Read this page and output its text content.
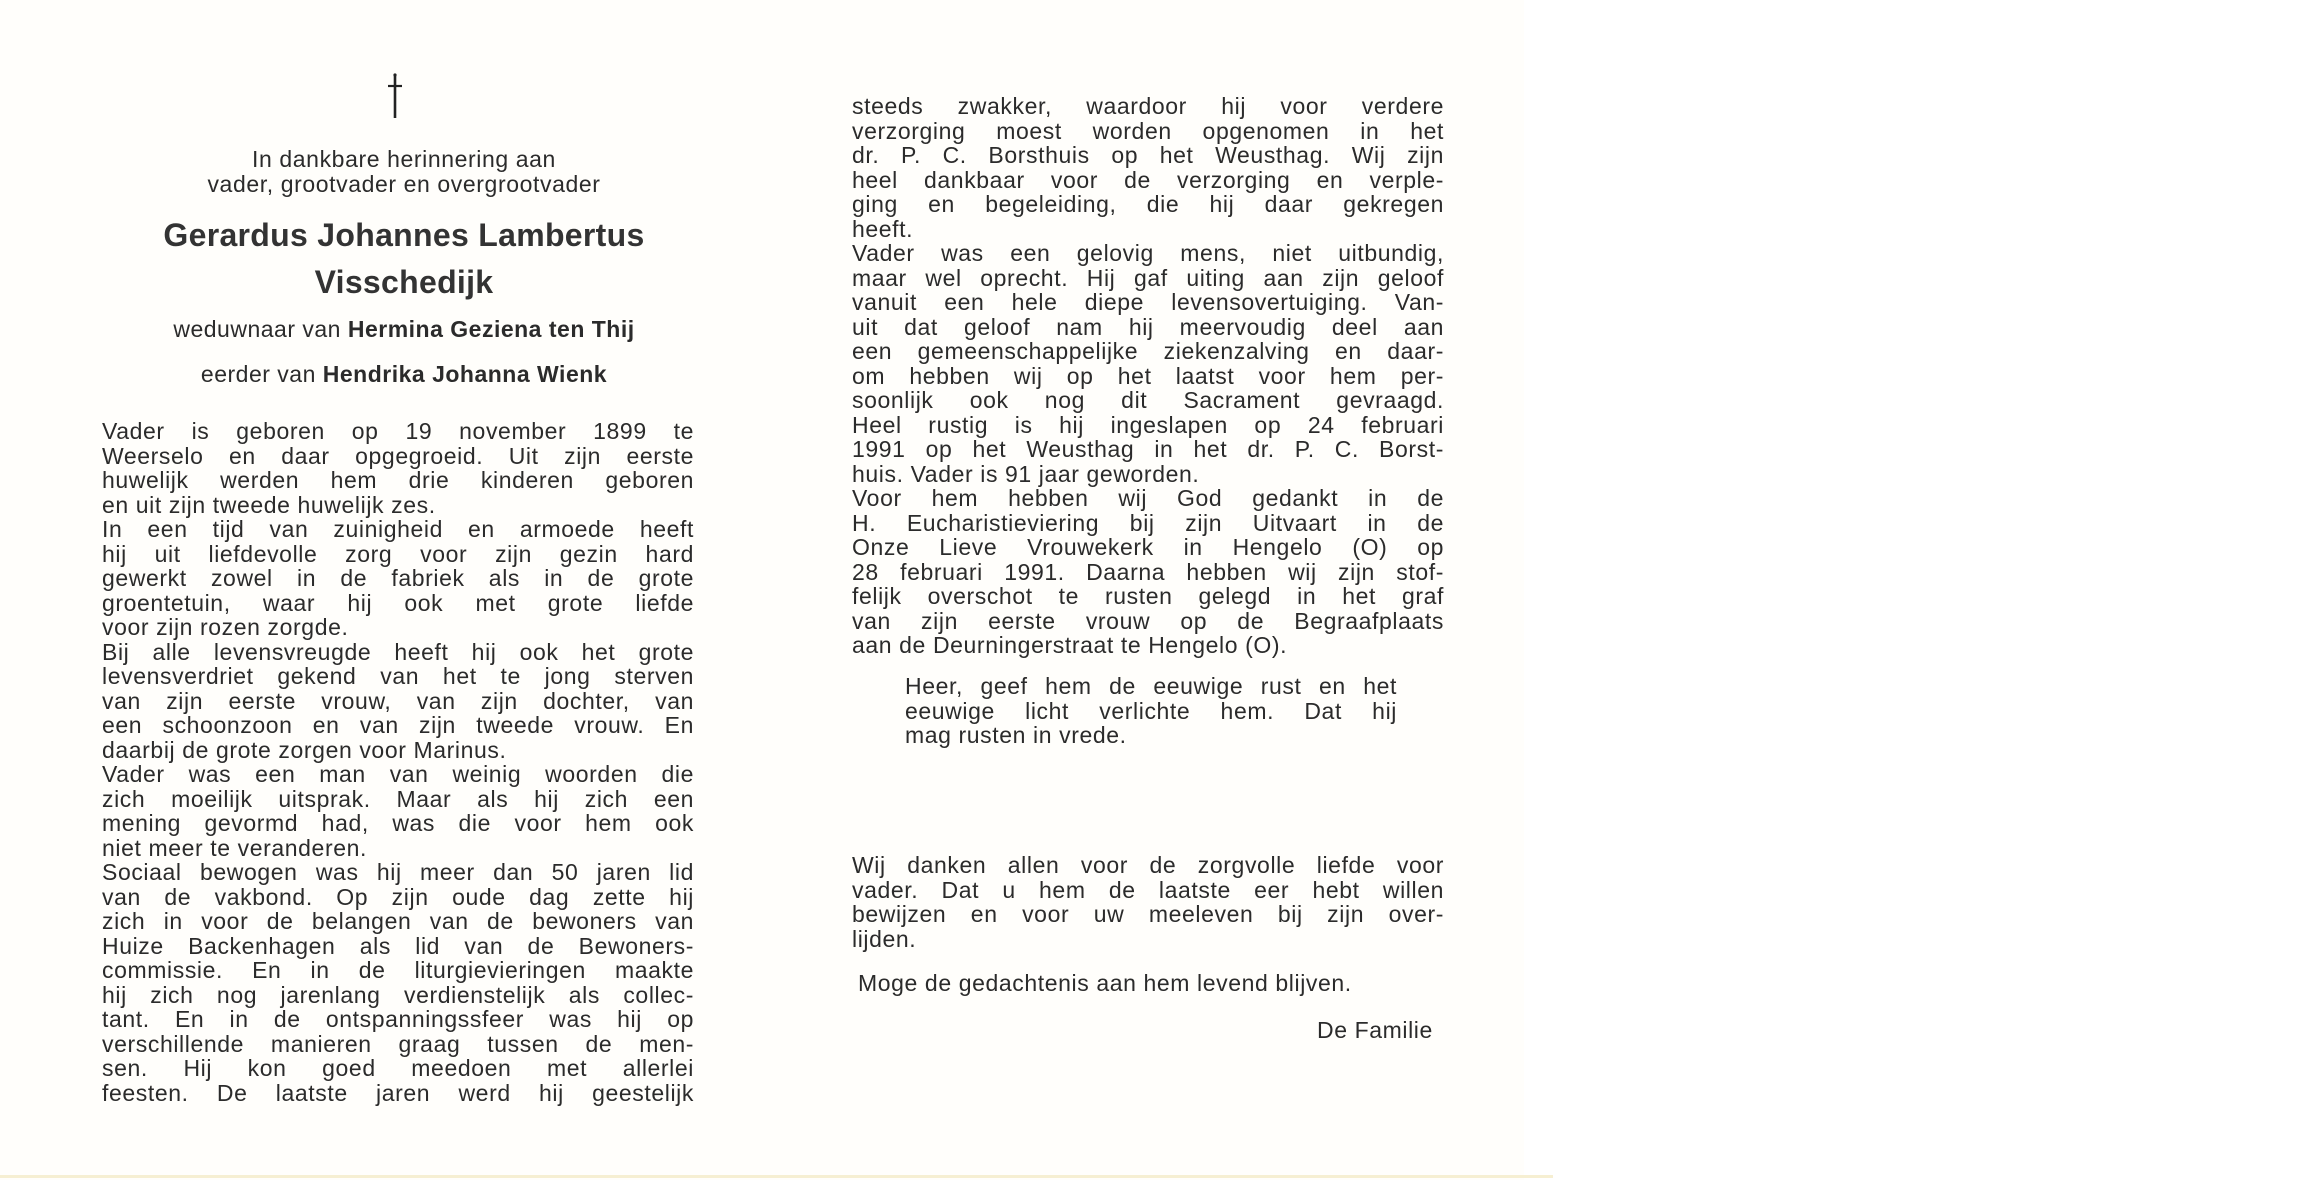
In dankbare herinnering aan
vader, grootvader en overgrootvader
Gerardus Johannes Lambertus
Visschedijk
weduwnaar van Hermina Geziena ten Thij
eerder van Hendrika Johanna Wienk
Vader is geboren op 19 november 1899 te
Weerselo en daar opgegroeid. Uit zijn eerste
huwelijk werden hem drie kinderen geboren
en uit zijn tweede huwelijk zes.
In een tijd van zuinigheid en armoede heeft
hij uit liefdevolle zorg voor zijn gezin hard
gewerkt zowel in de fabriek als in de grote
groentetuin, waar hij ook met grote liefde
voor zijn rozen zorgde.
Bij alle levensvreugde heeft hij ook het grote
levensverdriet gekend van het te jong sterven
van zijn eerste vrouw, van zijn dochter, van
een schoonzoon en van zijn tweede vrouw. En
daarbij de grote zorgen voor Marinus.
Vader was een man van weinig woorden die
zich moeilijk uitsprak. Maar als hij zich een
mening gevormd had, was die voor hem ook
niet meer te veranderen.
Sociaal bewogen was hij meer dan 50 jaren lid
van de vakbond. Op zijn oude dag zette hij
zich in voor de belangen van de bewoners van
Huize Backenhagen als lid van de Bewoners-
commissie. En in de liturgievieringen maakte
hij zich nog jarenlang verdienstelijk als collec-
tant. En in de ontspanningssfeer was hij op
verschillende manieren graag tussen de men-
sen. Hij kon goed meedoen met allerlei
feesten. De laatste jaren werd hij geestelijk
steeds zwakker, waardoor hij voor verdere
verzorging moest worden opgenomen in het
dr. P. C. Borsthuis op het Weusthag. Wij zijn
heel dankbaar voor de verzorging en verple-
ging en begeleiding, die hij daar gekregen
heeft.
Vader was een gelovig mens, niet uitbundig,
maar wel oprecht. Hij gaf uiting aan zijn geloof
vanuit een hele diepe levensovertuiging. Van-
uit dat geloof nam hij meervoudig deel aan
een gemeenschappelijke ziekenzalving en daar-
om hebben wij op het laatst voor hem per-
soonlijk ook nog dit Sacrament gevraagd.
Heel rustig is hij ingeslapen op 24 februari
1991 op het Weusthag in het dr. P. C. Borst-
huis. Vader is 91 jaar geworden.
Voor hem hebben wij God gedankt in de
H. Eucharistieviering bij zijn Uitvaart in de
Onze Lieve Vrouwekerk in Hengelo (O) op
28 februari 1991. Daarna hebben wij zijn stof-
felijk overschot te rusten gelegd in het graf
van zijn eerste vrouw op de Begraafplaats
aan de Deurningerstraat te Hengelo (O).
Heer, geef hem de eeuwige rust en het
eeuwige licht verlichte hem. Dat hij
mag rusten in vrede.
Wij danken allen voor de zorgvolle liefde voor
vader. Dat u hem de laatste eer hebt willen
bewijzen en voor uw meeleven bij zijn over-
lijden.
Moge de gedachtenis aan hem levend blijven.
De Familie
